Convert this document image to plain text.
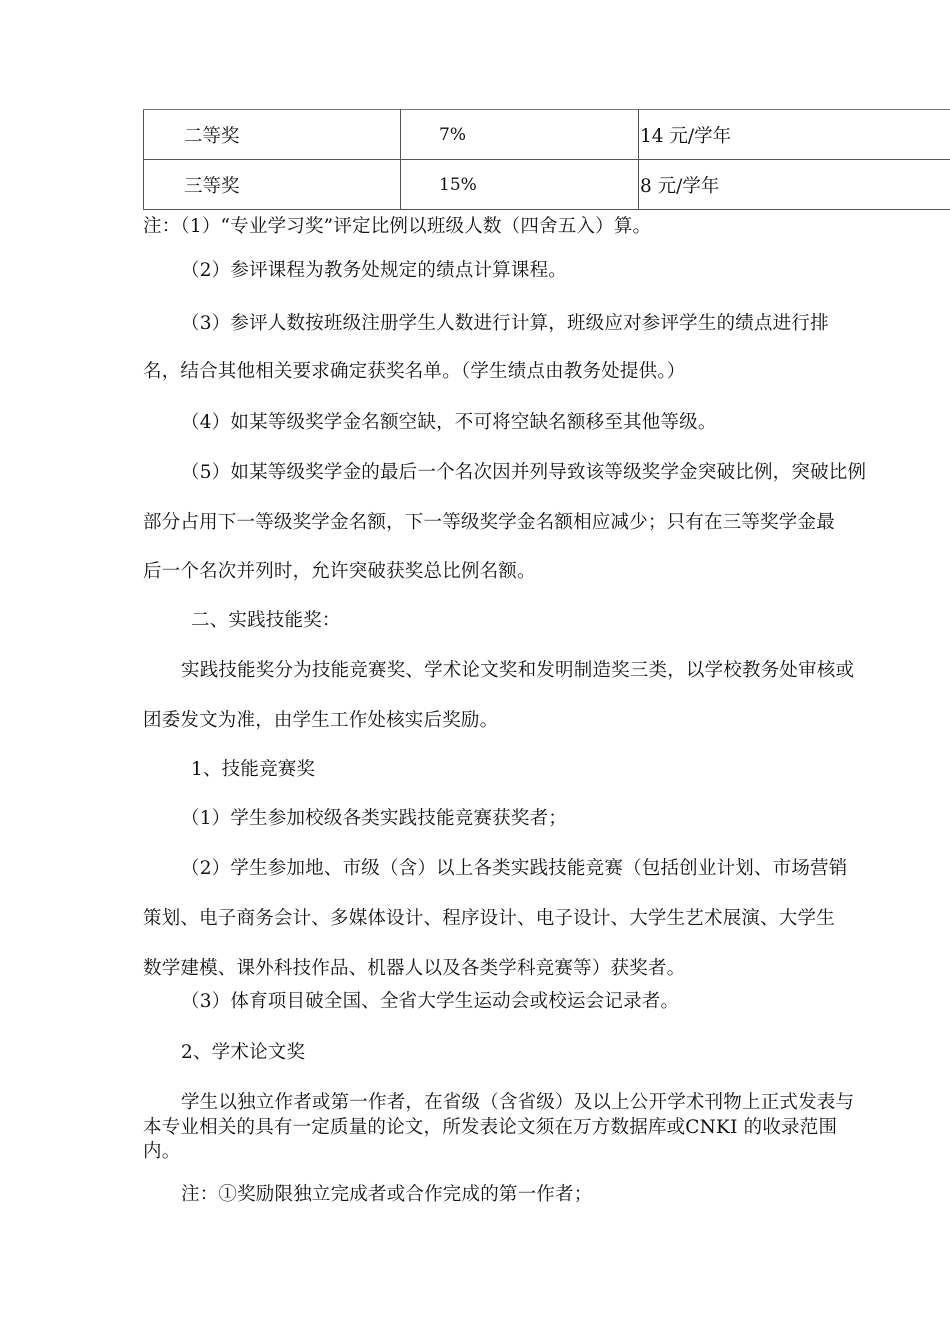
二等奖	7%	14 元/学年
三等奖	15%	8 元/学年
注：（1）“专业学习奖”评定比例以班级人数（四舍五入）算。
（2）参评课程为教务处规定的绩点计算课程。
（3）参评人数按班级注册学生人数进行计算，班级应对参评学生的绩点进行排
名，结合其他相关要求确定获奖名单。（学生绩点由教务处提供。）
（4）如某等级奖学金名额空缺，不可将空缺名额移至其他等级。
（5）如某等级奖学金的最后一个名次因并列导致该等级奖学金突破比例，突破比例
部分占用下一等级奖学金名额，下一等级奖学金名额相应减少；只有在三等奖学金最
后一个名次并列时，允许突破获奖总比例名额。
二、实践技能奖：
实践技能奖分为技能竞赛奖、学术论文奖和发明制造奖三类，以学校教务处审核或
团委发文为准，由学生工作处核实后奖励。
1、技能竞赛奖
（1）学生参加校级各类实践技能竞赛获奖者；
（2）学生参加地、市级（含）以上各类实践技能竞赛（包括创业计划、市场营销
策划、电子商务会计、多媒体设计、程序设计、电子设计、大学生艺术展演、大学生
数学建模、课外科技作品、机器人以及各类学科竞赛等）获奖者。
（3）体育项目破全国、全省大学生运动会或校运会记录者。
2、学术论文奖
学生以独立作者或第一作者，在省级（含省级）及以上公开学术刊物上正式发表与
本专业相关的具有一定质量的论文，所发表论文须在万方数据库或CNKI 的收录范围
内。
注：①奖励限独立完成者或合作完成的第一作者；
